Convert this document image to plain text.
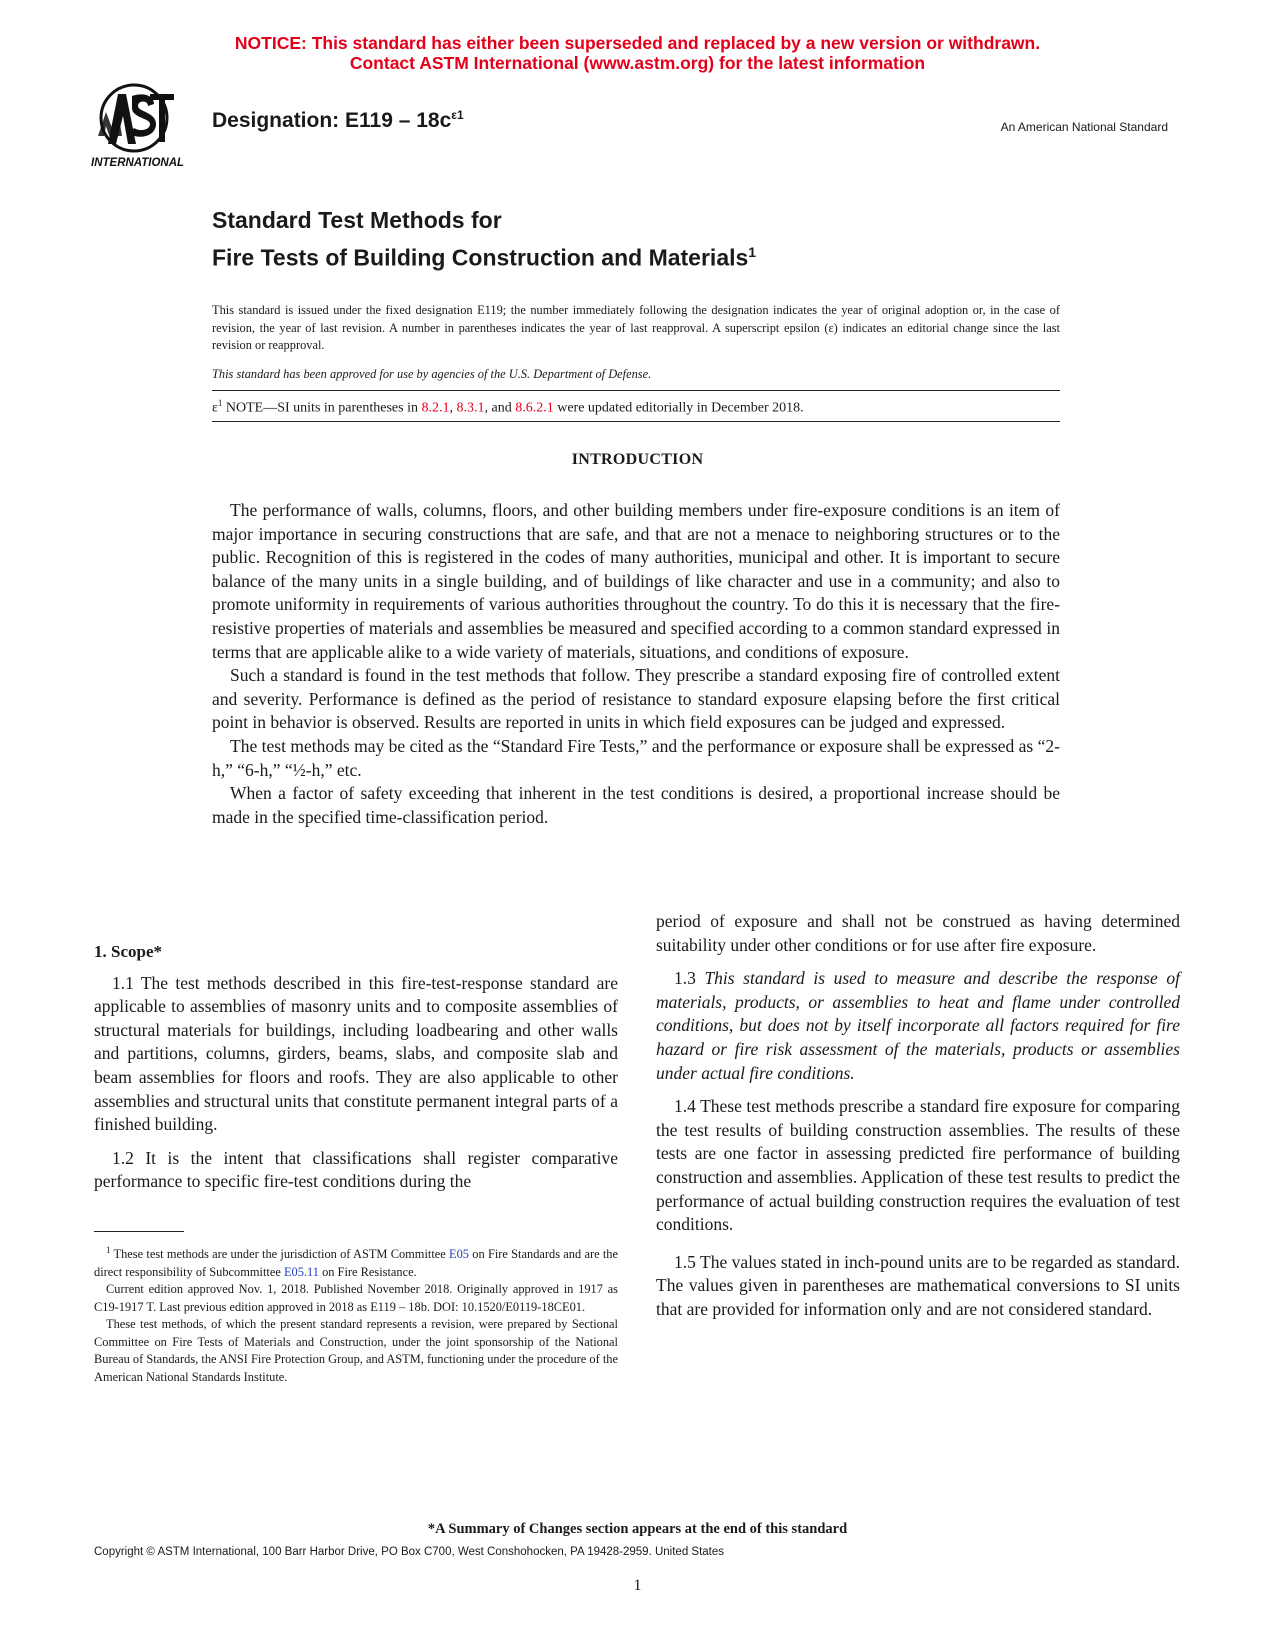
NOTICE: This standard has either been superseded and replaced by a new version or withdrawn.
Contact ASTM International (www.astm.org) for the latest information
INTERNATIONAL
Designation: $E119 - 18c^{\varepsilon 1}$
An American National Standard
Standard Test Methods for
Fire Tests of Building Construction and Materials$^1$
This standard is issued under the fixed designation E119; the number immediately following the designation indicates the year of original adoption or, in the case of revision, the year of last revision. A number in parentheses indicates the year of last reapproval. A superscript epsilon (ε) indicates an editorial change since the last revision or reapproval.
This standard has been approved for use by agencies of the U.S. Department of Defense.
$\varepsilon^1$ NOTE—SI units in parentheses in 8.2.1, 8.3.1, and 8.6.2.1 were updated editorially in December 2018.
INTRODUCTION

The performance of walls, columns, floors, and other building members under fire-exposure conditions is an item of major importance in securing constructions that are safe, and that are not a menace to neighboring structures or to the public. Recognition of this is registered in the codes of many authorities, municipal and other. It is important to secure balance of the many units in a single building, and of buildings of like character and use in a community; and also to promote uniformity in requirements of various authorities throughout the country. To do this it is necessary that the fire-resistive properties of materials and assemblies be measured and specified according to a common standard expressed in terms that are applicable alike to a wide variety of materials, situations, and conditions of exposure.

Such a standard is found in the test methods that follow. They prescribe a standard exposing fire of controlled extent and severity. Performance is defined as the period of resistance to standard exposure elapsing before the first critical point in behavior is observed. Results are reported in units in which field exposures can be judged and expressed.

The test methods may be cited as the “Standard Fire Tests,” and the performance or exposure shall be expressed as “2-h,” “6-h,” “½-h,” etc.

When a factor of safety exceeding that inherent in the test conditions is desired, a proportional increase should be made in the specified time-classification period.

1. Scope*

1.1 The test methods described in this fire-test-response standard are applicable to assemblies of masonry units and to composite assemblies of structural materials for buildings, including loadbearing and other walls and partitions, columns, girders, beams, slabs, and composite slab and beam assemblies for floors and roofs. They are also applicable to other assemblies and structural units that constitute permanent integral parts of a finished building.

1.2 It is the intent that classifications shall register comparative performance to specific fire-test conditions during the

$^1$ These test methods are under the jurisdiction of ASTM Committee E05 on Fire Standards and are the direct responsibility of Subcommittee E05.11 on Fire Resistance.

Current edition approved Nov. 1, 2018. Published November 2018. Originally approved in 1917 as C19-1917 T. Last previous edition approved in 2018 as E119 – 18b. DOI: 10.1520/E0119-18CE01.

These test methods, of which the present standard represents a revision, were prepared by Sectional Committee on Fire Tests of Materials and Construction, under the joint sponsorship of the National Bureau of Standards, the ANSI Fire Protection Group, and ASTM, functioning under the procedure of the American National Standards Institute.

period of exposure and shall not be construed as having determined suitability under other conditions or for use after fire exposure.

1.3 This standard is used to measure and describe the response of materials, products, or assemblies to heat and flame under controlled conditions, but does not by itself incorporate all factors required for fire hazard or fire risk assessment of the materials, products or assemblies under actual fire conditions.

1.4 These test methods prescribe a standard fire exposure for comparing the test results of building construction assemblies. The results of these tests are one factor in assessing predicted fire performance of building construction and assemblies. Application of these test results to predict the performance of actual building construction requires the evaluation of test conditions.

1.5 The values stated in inch-pound units are to be regarded as standard. The values given in parentheses are mathematical conversions to SI units that are provided for information only and are not considered standard.

*A Summary of Changes section appears at the end of this standard
Copyright © ASTM International, 100 Barr Harbor Drive, PO Box C700, West Conshohocken, PA 19428-2959. United States
1
